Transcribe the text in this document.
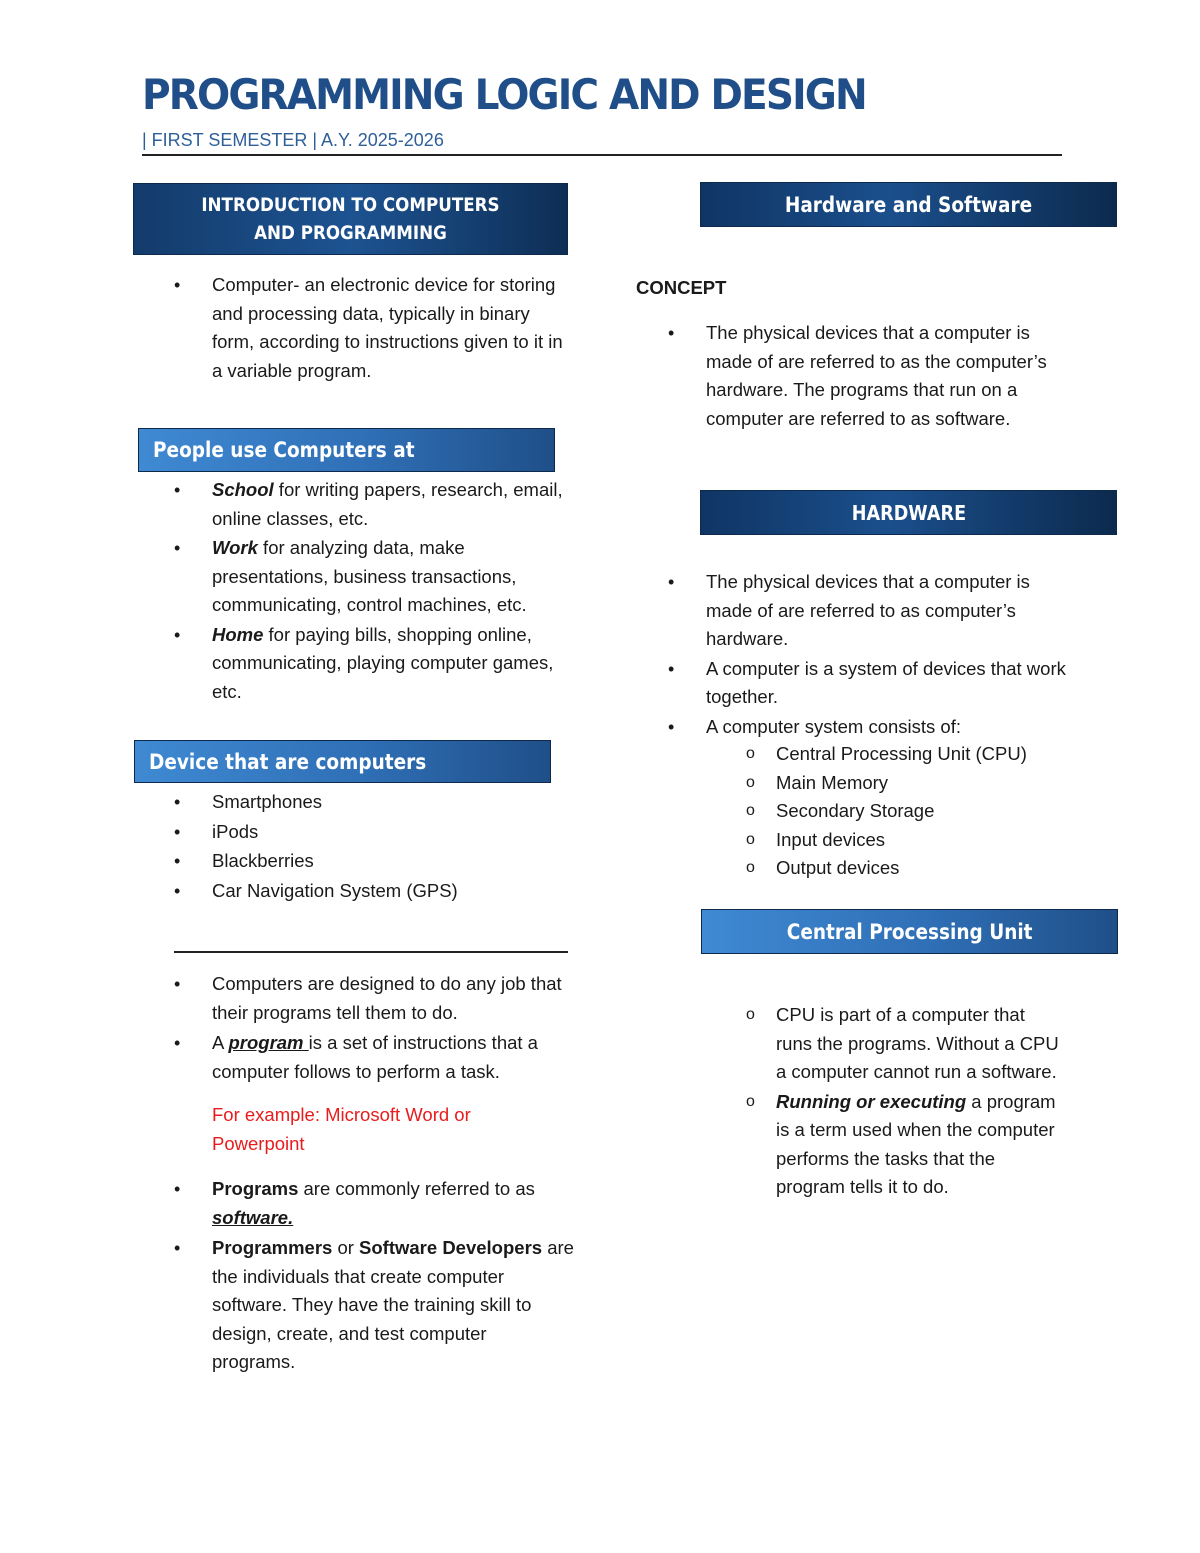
PROGRAMMING LOGIC AND DESIGN
| FIRST SEMESTER | A.Y. 2025-2026
INTRODUCTION TO COMPUTERS
AND PROGRAMMING
• Computer- an electronic device for storing and processing data, typically in binary form, according to instructions given to it in a variable program.
People use Computers at
• School for writing papers, research, email, online classes, etc.
• Work for analyzing data, make presentations, business transactions, communicating, control machines, etc.
• Home for paying bills, shopping online, communicating, playing computer games, etc.
Device that are computers
• Smartphones
• iPods
• Blackberries
• Car Navigation System (GPS)
• Computers are designed to do any job that their programs tell them to do.
• A program is a set of instructions that a computer follows to perform a task.
For example: Microsoft Word or Powerpoint
• Programs are commonly referred to as software.
• Programmers or Software Developers are the individuals that create computer software. They have the training skill to design, create, and test computer programs.
Hardware and Software
CONCEPT
• The physical devices that a computer is made of are referred to as the computer’s hardware. The programs that run on a computer are referred to as software.
HARDWARE
• The physical devices that a computer is made of are referred to as computer’s hardware.
• A computer is a system of devices that work together.
• A computer system consists of:
o Central Processing Unit (CPU)
o Main Memory
o Secondary Storage
o Input devices
o Output devices
Central Processing Unit
o CPU is part of a computer that runs the programs. Without a CPU a computer cannot run a software.
o Running or executing a program is a term used when the computer performs the tasks that the program tells it to do.
